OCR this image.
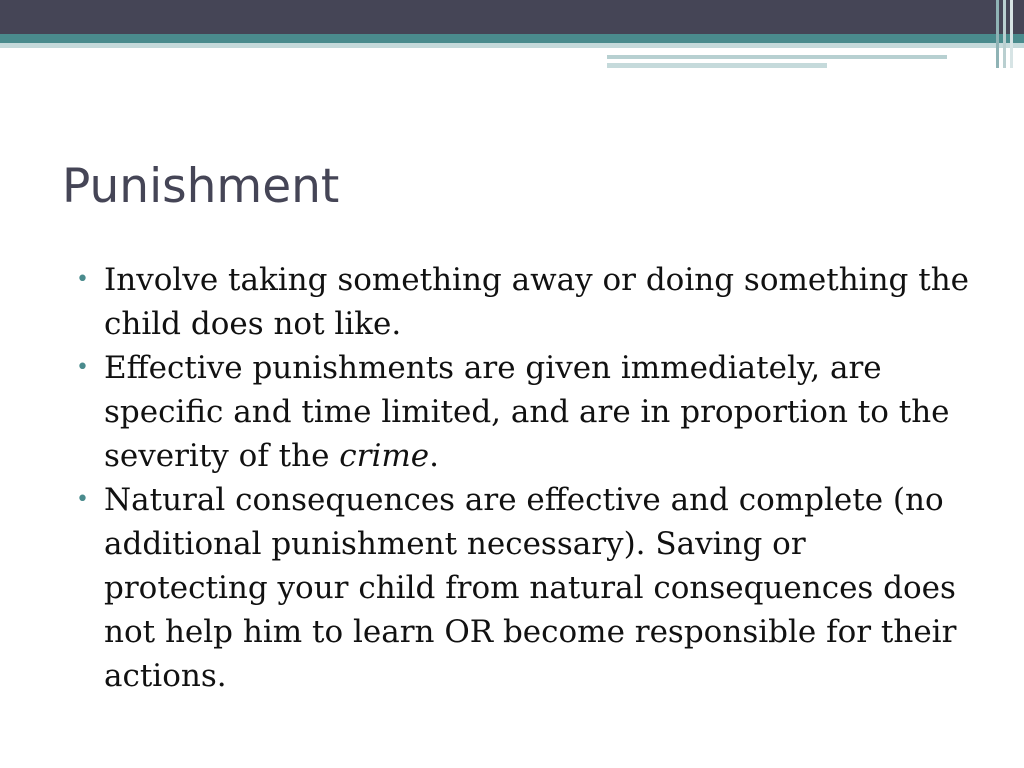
Punishment
• Involve taking something away or doing something the child does not like.
• Effective punishments are given immediately, are specific and time limited, and are in proportion to the severity of the crime.
• Natural consequences are effective and complete (no additional punishment necessary). Saving or protecting your child from natural consequences does not help him to learn OR become responsible for their actions.
